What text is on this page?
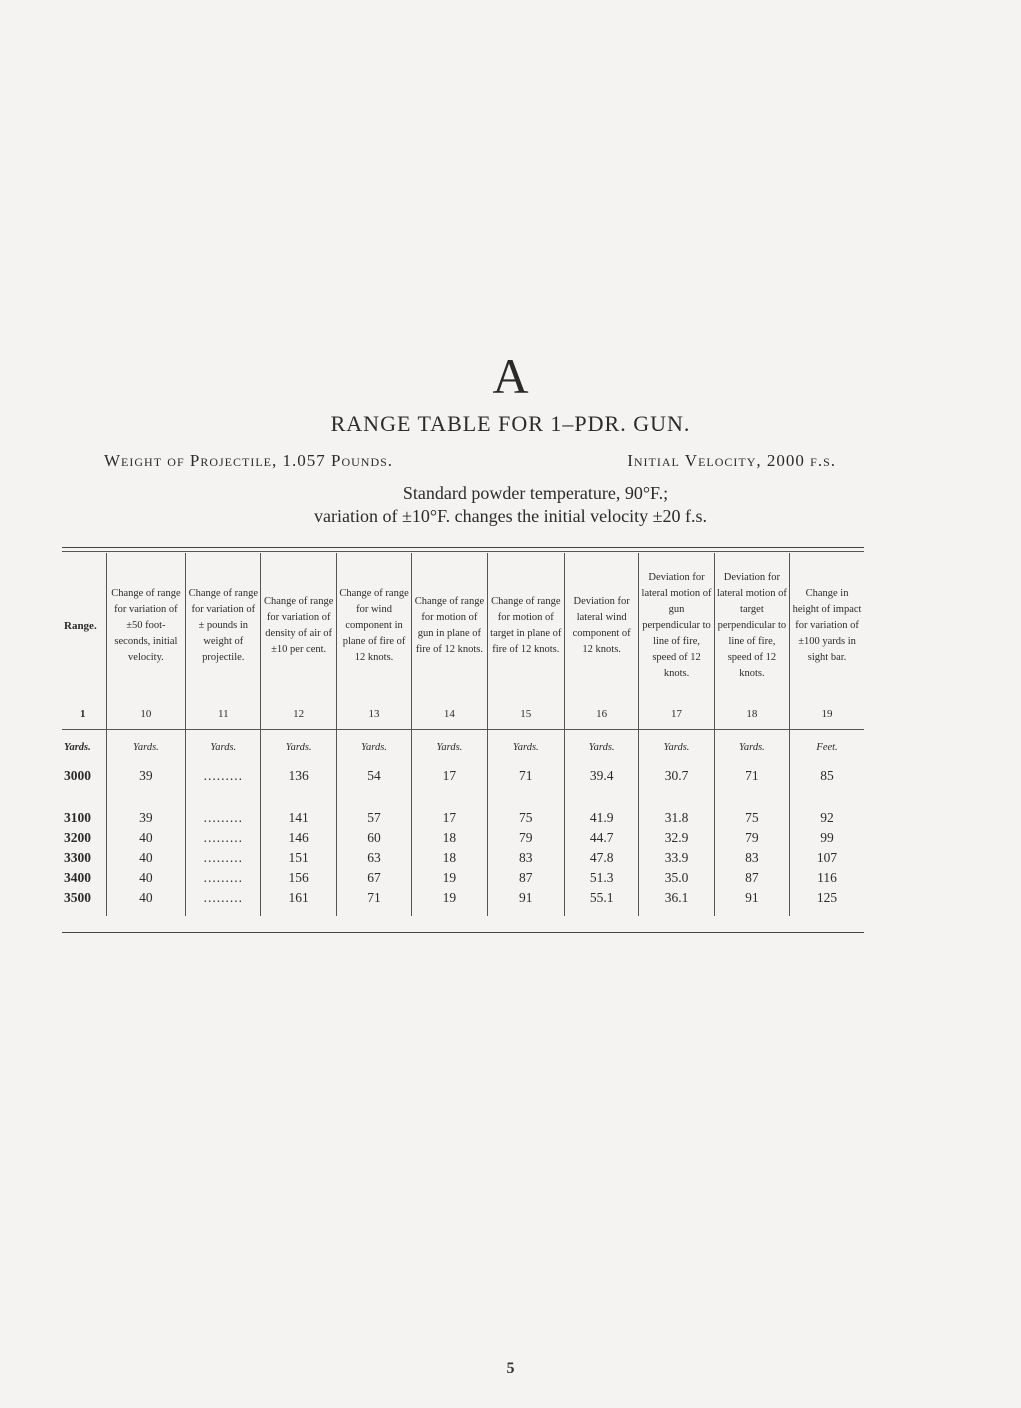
A
RANGE TABLE FOR 1–PDR. GUN.
Weight of Projectile, 1.057 Pounds.	Initial Velocity, 2000 f.s.
Standard powder temperature, 90°F.;
variation of ±10°F. changes the initial velocity ±20 f.s.
Range.	Change of range for variation of ±50 foot-seconds, initial velocity.	Change of range for variation of ± pounds in weight of projectile.	Change of range for variation of density of air of ±10 per cent.	Change of range for wind component in plane of fire of 12 knots.	Change of range for motion of gun in plane of fire of 12 knots.	Change of range for motion of target in plane of fire of 12 knots.	Deviation for lateral wind component of 12 knots.	Deviation for lateral motion of gun perpendicular to line of fire, speed of 12 knots.	Deviation for lateral motion of target perpendicular to line of fire, speed of 12 knots.	Change in height of impact for variation of ±100 yards in sight bar.
1	10	11	12	13	14	15	16	17	18	19
Yards.	Yards.	Yards.	Yards.	Yards.	Yards.	Yards.	Yards.	Yards.	Yards.	Feet.
3000	39	.........	136	54	17	71	39.4	30.7	71	85

3100	39	.........	141	57	17	75	41.9	31.8	75	92
3200	40	.........	146	60	18	79	44.7	32.9	79	99
3300	40	.........	151	63	18	83	47.8	33.9	83	107
3400	40	.........	156	67	19	87	51.3	35.0	87	116
3500	40	.........	161	71	19	91	55.1	36.1	91	125
5
